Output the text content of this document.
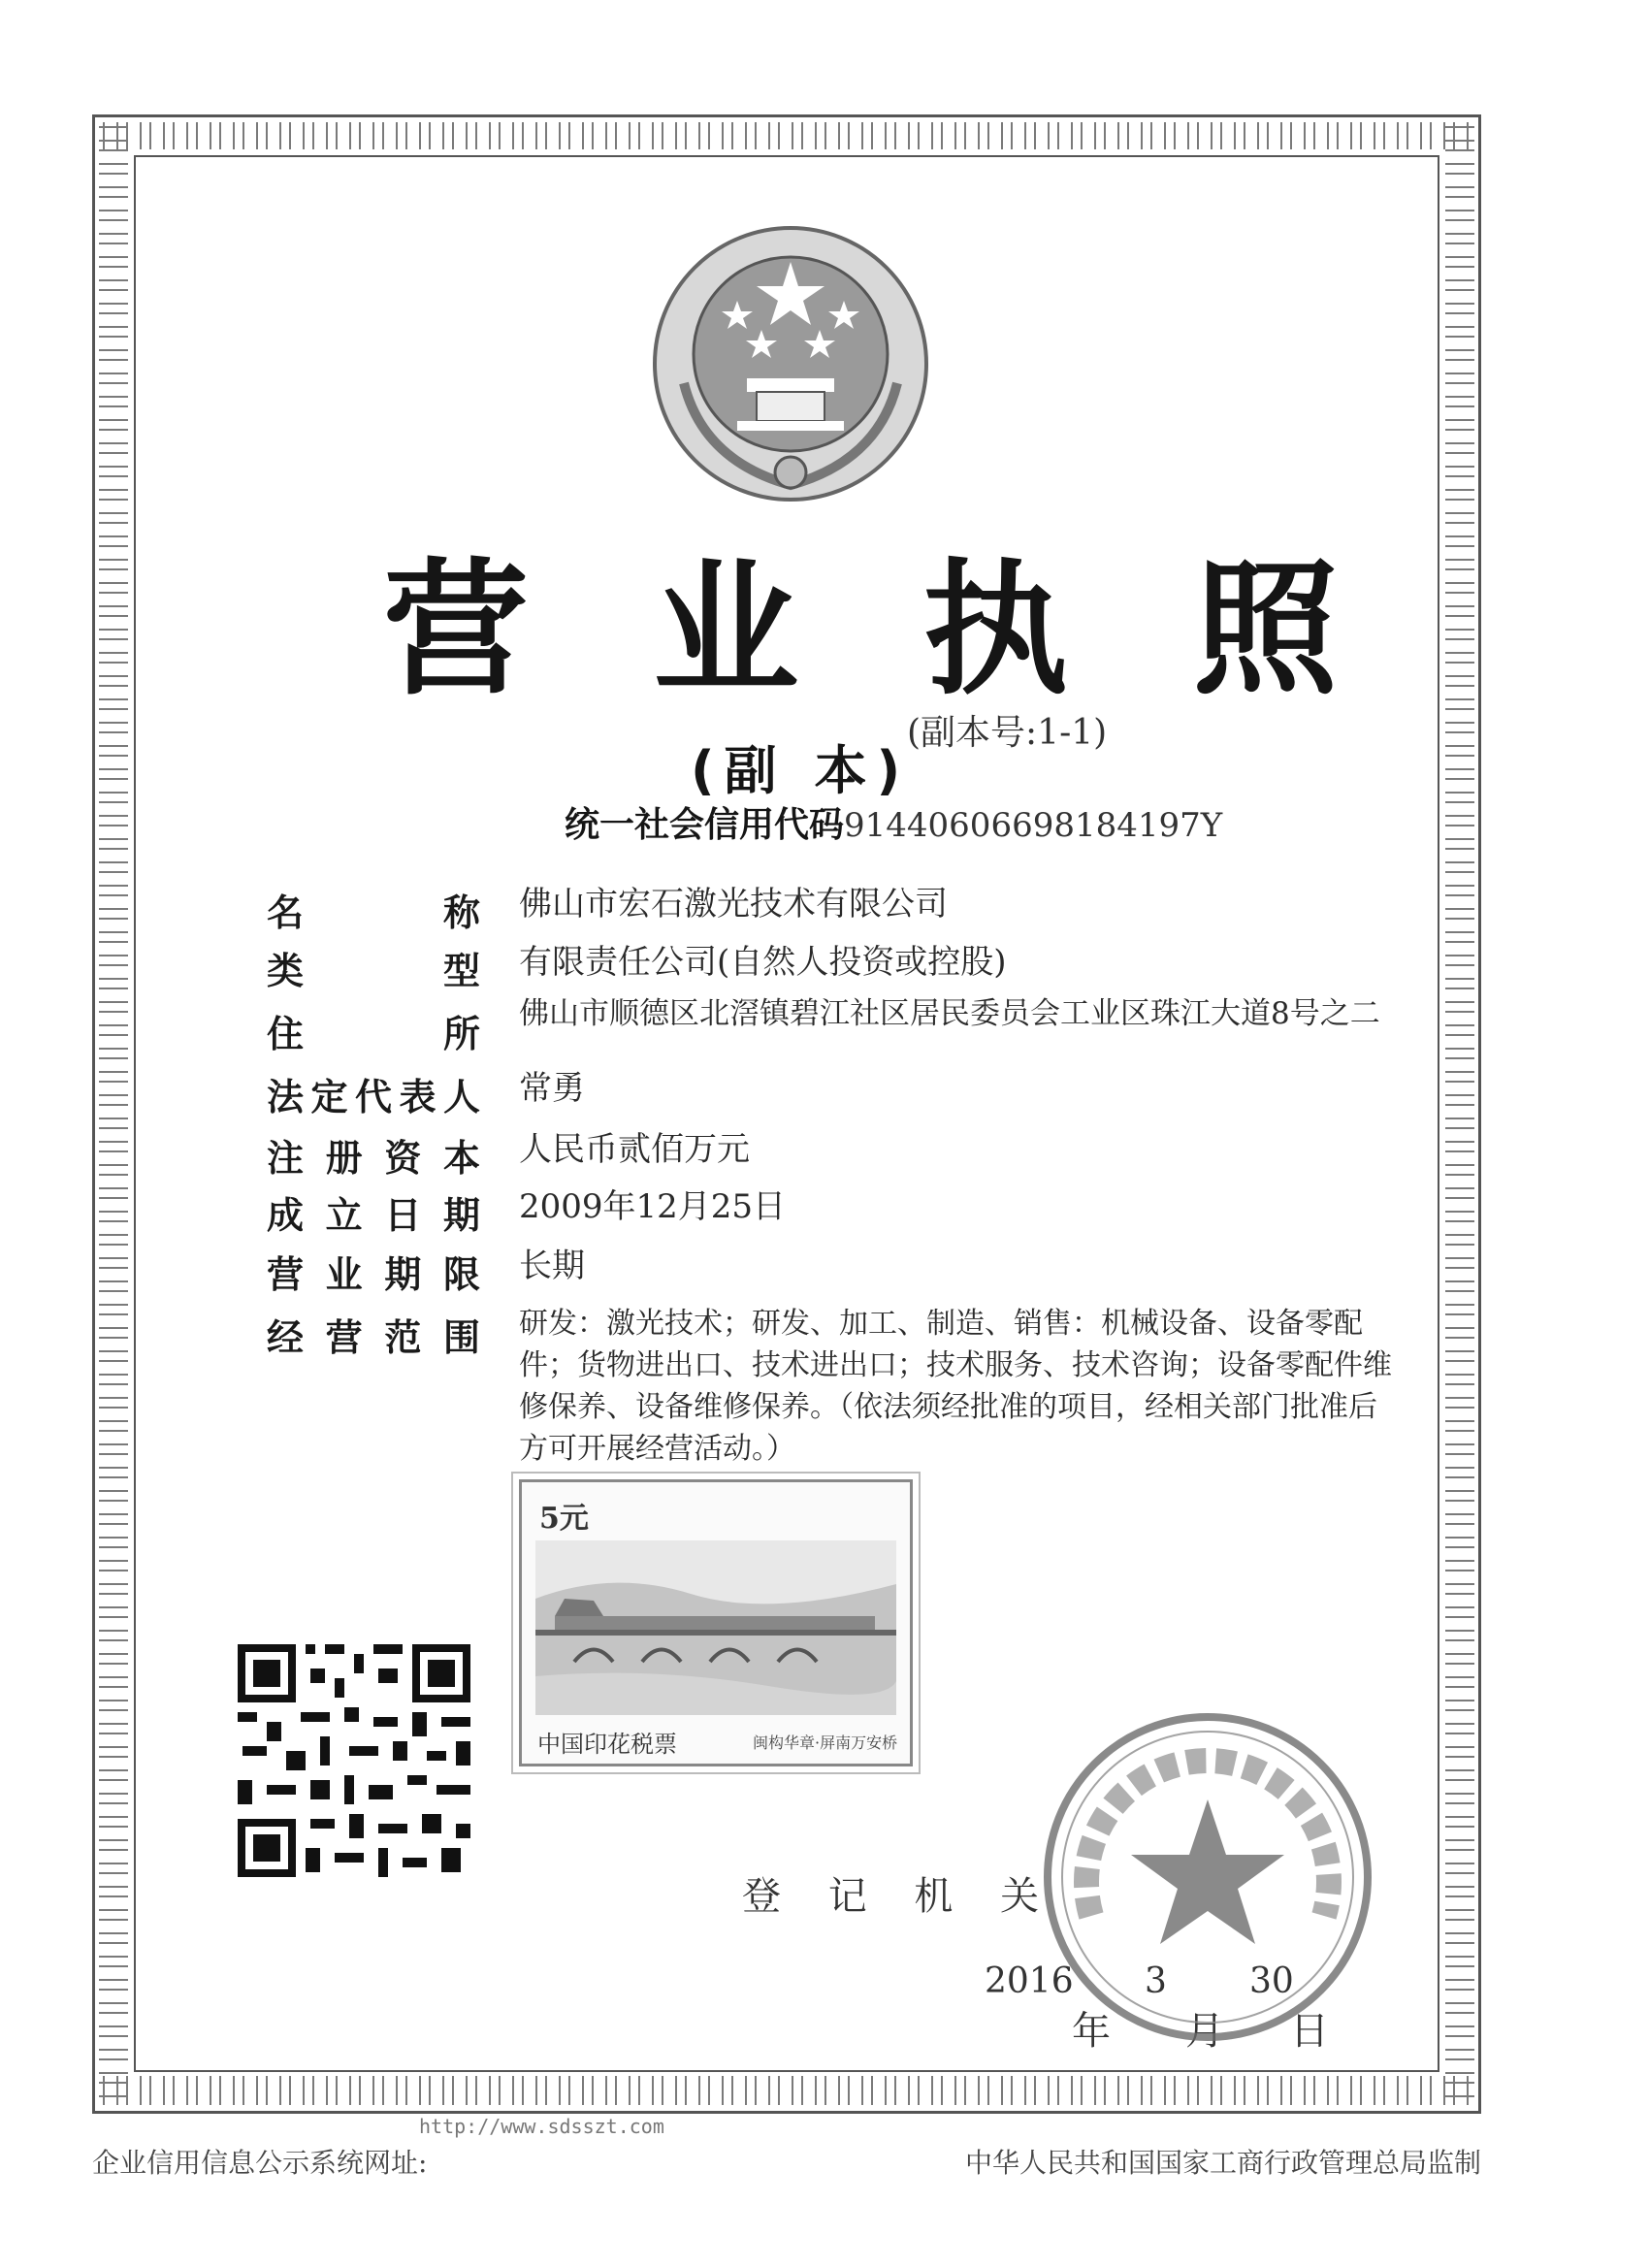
营 业 执 照
(副本号:1-1)
(副 本)
统一社会信用代码91440606698184197Y
名称 佛山市宏石激光技术有限公司
类型 有限责任公司(自然人投资或控股)
住所 佛山市顺德区北滘镇碧江社区居民委员会工业区珠江大道8号之二
法定代表人 常勇
注册资本 人民币贰佰万元
成立日期 2009年12月25日
营业期限 长期
经营范围 研发：激光技术；研发、加工、制造、销售：机械设备、设备零配件；货物进出口、技术进出口；技术服务、技术咨询；设备零配件维修保养、设备维修保养。（依法须经批准的项目，经相关部门批准后方可开展经营活动。）
5元
中国印花税票	闽构华章·屏南万安桥
登 记 机 关
2016 3 30
年 月 日
http://www.sdsszt.com
企业信用信息公示系统网址:	中华人民共和国国家工商行政管理总局监制
